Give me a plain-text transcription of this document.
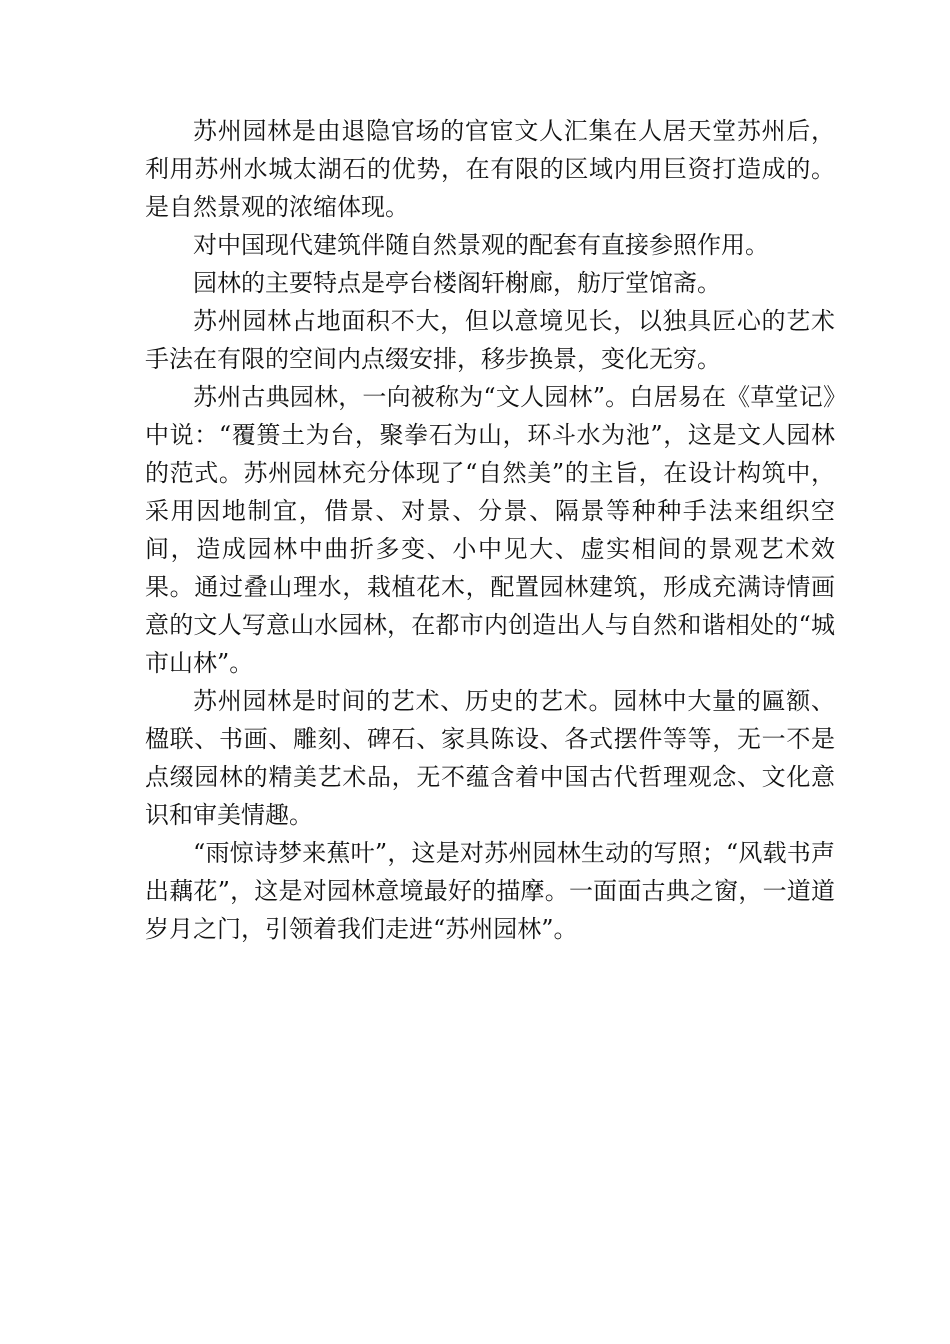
苏州园林是由退隐官场的官宦文人汇集在人居天堂苏州后，利用苏州水城太湖石的优势，在有限的区域内用巨资打造成的。是自然景观的浓缩体现。

对中国现代建筑伴随自然景观的配套有直接参照作用。

园林的主要特点是亭台楼阁轩榭廊，舫厅堂馆斋。

苏州园林占地面积不大，但以意境见长，以独具匠心的艺术手法在有限的空间内点缀安排，移步换景，变化无穷。

苏州古典园林，一向被称为“文人园林”。白居易在《草堂记》中说：“覆篑土为台，聚拳石为山，环斗水为池”，这是文人园林的范式。苏州园林充分体现了“自然美”的主旨，在设计构筑中，采用因地制宜，借景、对景、分景、隔景等种种手法来组织空间，造成园林中曲折多变、小中见大、虚实相间的景观艺术效果。通过叠山理水，栽植花木，配置园林建筑，形成充满诗情画意的文人写意山水园林，在都市内创造出人与自然和谐相处的“城市山林”。

苏州园林是时间的艺术、历史的艺术。园林中大量的匾额、楹联、书画、雕刻、碑石、家具陈设、各式摆件等等，无一不是点缀园林的精美艺术品，无不蕴含着中国古代哲理观念、文化意识和审美情趣。

“雨惊诗梦来蕉叶”，这是对苏州园林生动的写照；“风载书声出藕花”，这是对园林意境最好的描摩。一面面古典之窗，一道道岁月之门，引领着我们走进“苏州园林”。
